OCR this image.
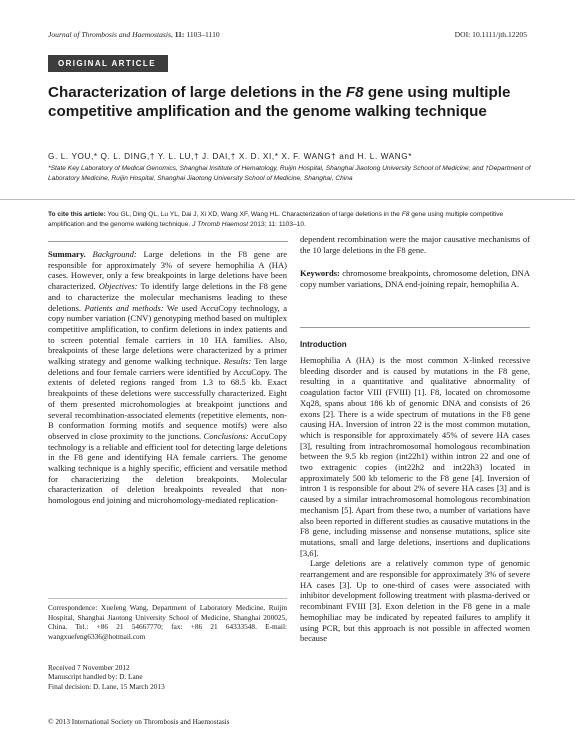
Journal of Thrombosis and Haemostasis, 11: 1103–1110	DOI: 10.1111/jth.12205
ORIGINAL ARTICLE
Characterization of large deletions in the F8 gene using multiple competitive amplification and the genome walking technique
G. L. YOU,* Q. L. DING,† Y. L. LU,† J. DAI,† X. D. XI,* X. F. WANG† and H. L. WANG*
*State Key Laboratory of Medical Genomics, Shanghai Institute of Hematology, Ruijin Hospital, Shanghai Jiaotong University School of Medicine; and †Department of Laboratory Medicine, Ruijin Hospital, Shanghai Jiaotong University School of Medicine, Shanghai, China
To cite this article: You GL, Ding QL, Lu YL, Dai J, Xi XD, Wang XF, Wang HL. Characterization of large deletions in the F8 gene using multiple competitive amplification and the genome walking technique. J Thromb Haemost 2013; 11: 1103–10.
Summary. Background: Large deletions in the F8 gene are responsible for approximately 3% of severe hemophilia A (HA) cases. However, only a few breakpoints in large deletions have been characterized. Objectives: To identify large deletions in the F8 gene and to characterize the molecular mechanisms leading to these deletions. Patients and methods: We used AccuCopy technology, a copy number variation (CNV) genotyping method based on multiplex competitive amplification, to confirm deletions in index patients and to screen potential female carriers in 10 HA families. Also, breakpoints of these large deletions were characterized by a primer walking strategy and genome walking technique. Results: Ten large deletions and four female carriers were identified by AccuCopy. The extents of deleted regions ranged from 1.3 to 68.5 kb. Exact breakpoints of these deletions were successfully characterized. Eight of them presented microhomologies at breakpoint junctions and several recombination-associated elements (repetitive elements, non-B conformation forming motifs and sequence motifs) were also observed in close proximity to the junctions. Conclusions: AccuCopy technology is a reliable and efficient tool for detecting large deletions in the F8 gene and identifying HA female carriers. The genome walking technique is a highly specific, efficient and versatile method for characterizing the deletion breakpoints. Molecular characterization of deletion breakpoints revealed that non-homologous end joining and microhomology-mediated replication-
dependent recombination were the major causative mechanisms of the 10 large deletions in the F8 gene.
Keywords: chromosome breakpoints, chromosome deletion, DNA copy number variations, DNA end-joining repair, hemophilia A.
Introduction

Hemophilia A (HA) is the most common X-linked recessive bleeding disorder and is caused by mutations in the F8 gene, resulting in a quantitative and qualitative abnormality of coagulation factor VIII (FVIII) [1]. F8, located on chromosome Xq28, spans about 186 kb of genomic DNA and consists of 26 exons [2]. There is a wide spectrum of mutations in the F8 gene causing HA. Inversion of intron 22 is the most common mutation, which is responsible for approximately 45% of severe HA cases [3], resulting from intrachromosomal homologous recombination between the 9.5 kb region (int22h1) within intron 22 and one of two extragenic copies (int22h2 and int22h3) located in approximately 500 kb telomeric to the F8 gene [4]. Inversion of intron 1 is responsible for about 2% of severe HA cases [3] and is caused by a similar intrachromosomal homologous recombination mechanism [5]. Apart from these two, a number of variations have also been reported in different studies as causative mutations in the F8 gene, including missense and nonsense mutations, splice site mutations, small and large deletions, insertions and duplications [3,6].

Large deletions are a relatively common type of genomic rearrangement and are responsible for approximately 3% of severe HA cases [3]. Up to one-third of cases were associated with inhibitor development following treatment with plasma-derived or recombinant FVIII [3]. Exon deletion in the F8 gene in a male hemophiliac may be indicated by repeated failures to amplify it using PCR, but this approach is not possible in affected women because

Correspondence: Xuefeng Wang, Department of Laboratory Medicine, Ruijin Hospital, Shanghai Jiaotong University School of Medicine, Shanghai 200025, China. Tel.: +86 21 54667770; fax: +86 21 64333548. E-mail: wangxuefeng6336@hotmail.com
Received 7 November 2012
Manuscript handled by: D. Lane
Final decision: D. Lane, 15 March 2013
© 2013 International Society on Thrombosis and Haemostasis
